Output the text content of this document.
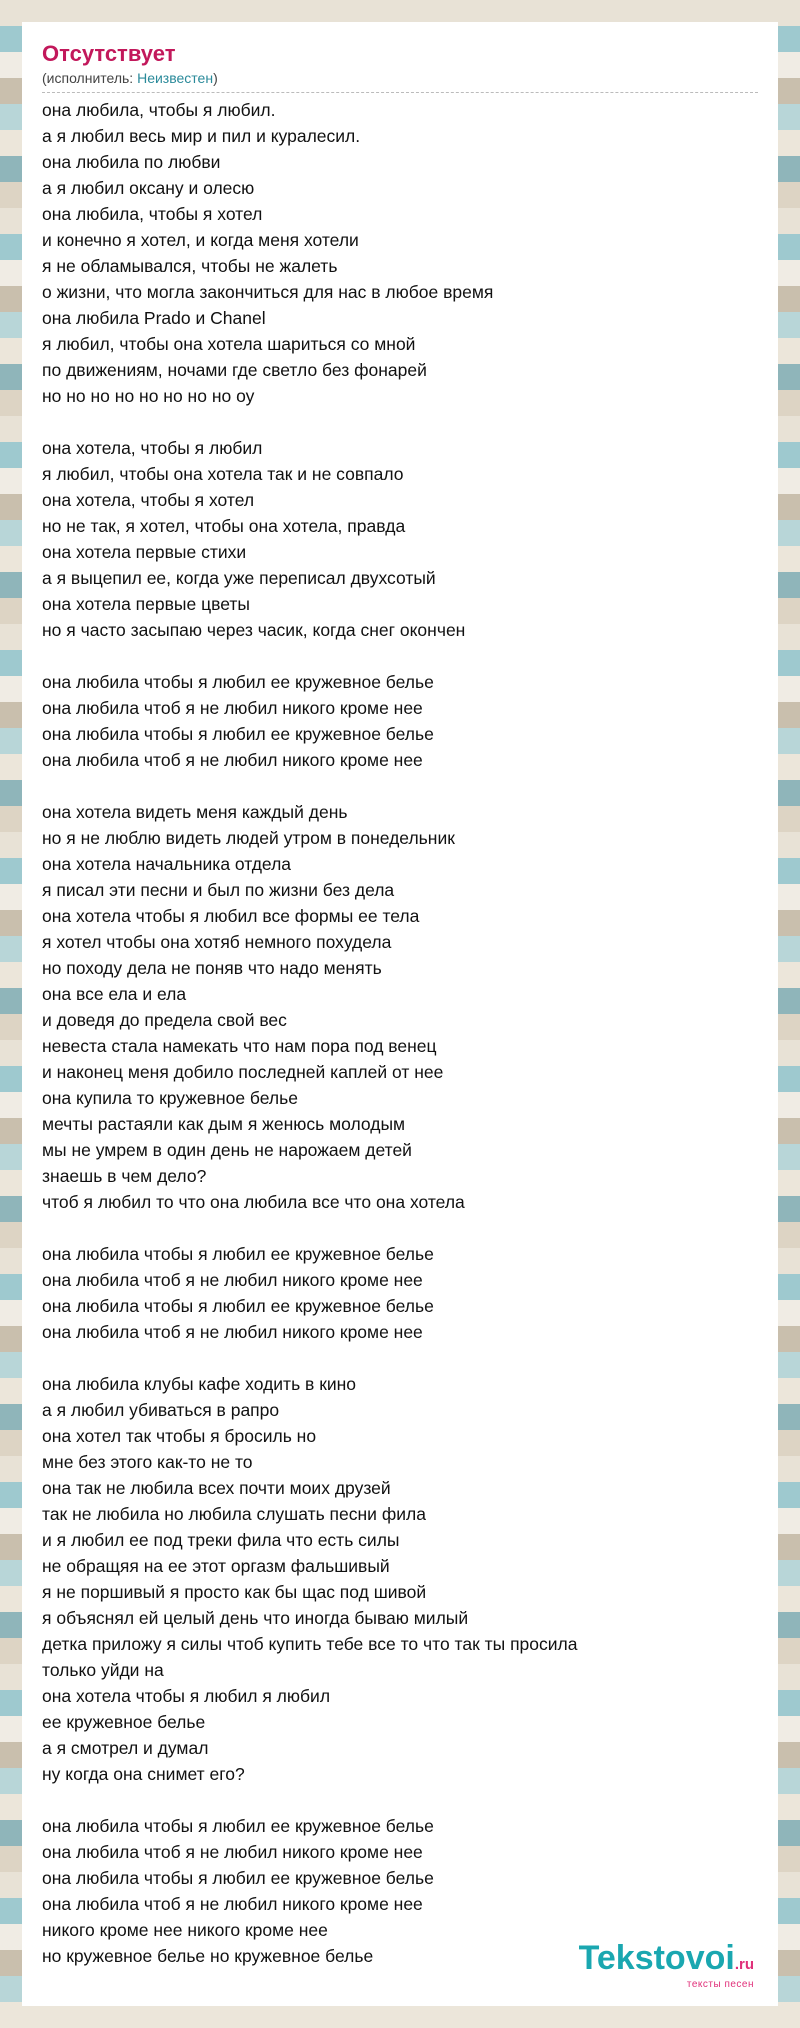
Отсутствует
(исполнитель: Неизвестен)
она любила, чтобы я любил.
а я любил весь мир и пил и куралесил.
она любила по любви
а я любил оксану и олесю
она любила, чтобы я хотел
и конечно я хотел, и когда меня хотели
я не обламывался, чтобы не жалеть
о жизни, что могла закончиться для нас в любое время
она любила Prado и Chanel
я любил, чтобы она хотела шариться со мной
по движениям, ночами где светло без фонарей
но но но но но но но но оу
она хотела, чтобы я любил
я любил, чтобы она хотела так и не совпало
она хотела, чтобы я хотел
но не так, я хотел, чтобы она хотела, правда
она хотела первые стихи
а я выцепил ее, когда уже переписал двухсотый
она хотела первые цветы
но я часто засыпаю через часик, когда снег окончен
она любила чтобы я любил ее кружевное белье
она любила чтоб я не любил никого кроме нее
она любила чтобы я любил ее кружевное белье
она любила чтоб я не любил никого кроме нее
она хотела видеть меня каждый день
но я не люблю видеть людей утром в понедельник
она хотела начальника отдела
я писал эти песни и был по жизни без дела
она хотела чтобы я любил все формы ее тела
я хотел чтобы она хотяб немного похудела
но походу дела не поняв что надо менять
она все ела и ела
и доведя до предела свой вес
невеста стала намекать что нам пора под венец
и наконец меня добило последней каплей от нее
она купила то кружевное белье
мечты растаяли как дым я женюсь молодым
мы не умрем в один день не нарожаем детей
знаешь в чем дело?
чтоб я любил то что она любила все что она хотела
она любила чтобы я любил ее кружевное белье
она любила чтоб я не любил никого кроме нее
она любила чтобы я любил ее кружевное белье
она любила чтоб я не любил никого кроме нее
она любила клубы кафе ходить в кино
а я любил убиваться в рапро
она хотел так чтобы я бросиль но
мне без этого как-то не то
она так не любила всех почти моих друзей
так не любила но любила слушать песни фила
и я любил ее под треки фила что есть силы
не обращяя на ее этот оргазм фальшивый
я не поршивый я просто как бы щас под шивой
я объяснял ей целый день что иногда бываю милый
детка приложу я силы чтоб купить тебе все то что так ты просила
только уйди на
она хотела чтобы я любил я любил
ее кружевное белье
а я смотрел и думал
ну когда она снимет его?
она любила чтобы я любил ее кружевное белье
она любила чтоб я не любил никого кроме нее
она любила чтобы я любил ее кружевное белье
она любила чтоб я не любил никого кроме нее
никого кроме нее никого кроме нее
но кружевное белье но кружевное белье	Tekstovoi.ru
тексты песен
